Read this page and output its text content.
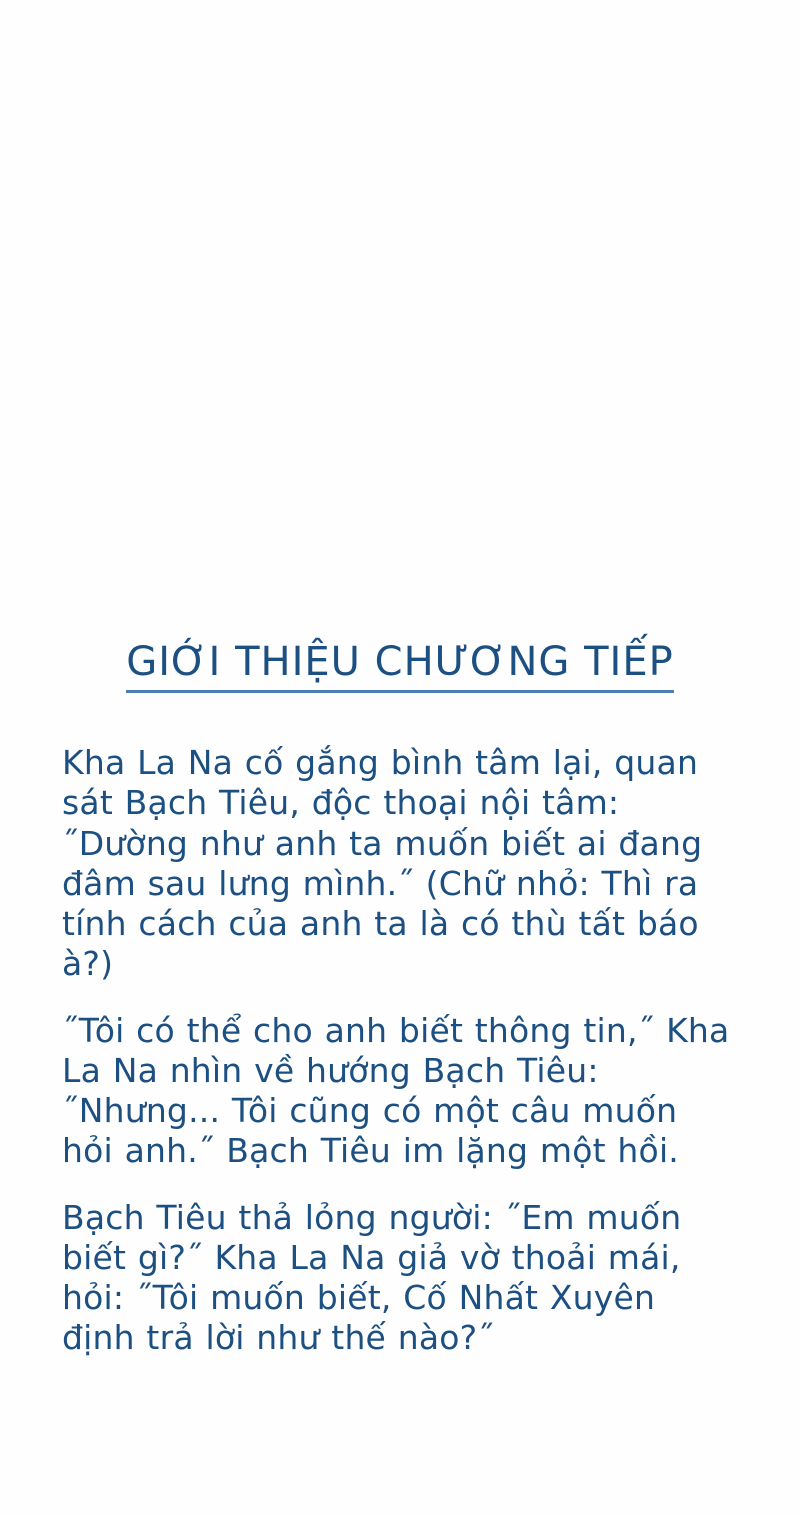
GIỚI THIỆU CHƯƠNG TIẾP

Kha La Na cố gắng bình tâm lại, quan sát Bạch Tiêu, độc thoại nội tâm: ˝Dường như anh ta muốn biết ai đang đâm sau lưng mình.˝ (Chữ nhỏ: Thì ra tính cách của anh ta là có thù tất báo à?)

˝Tôi có thể cho anh biết thông tin,˝ Kha La Na nhìn về hướng Bạch Tiêu: ˝Nhưng... Tôi cũng có một câu muốn hỏi anh.˝ Bạch Tiêu im lặng một hồi.

Bạch Tiêu thả lỏng người: ˝Em muốn biết gì?˝ Kha La Na giả vờ thoải mái, hỏi: ˝Tôi muốn biết, Cố Nhất Xuyên định trả lời như thế nào?˝
